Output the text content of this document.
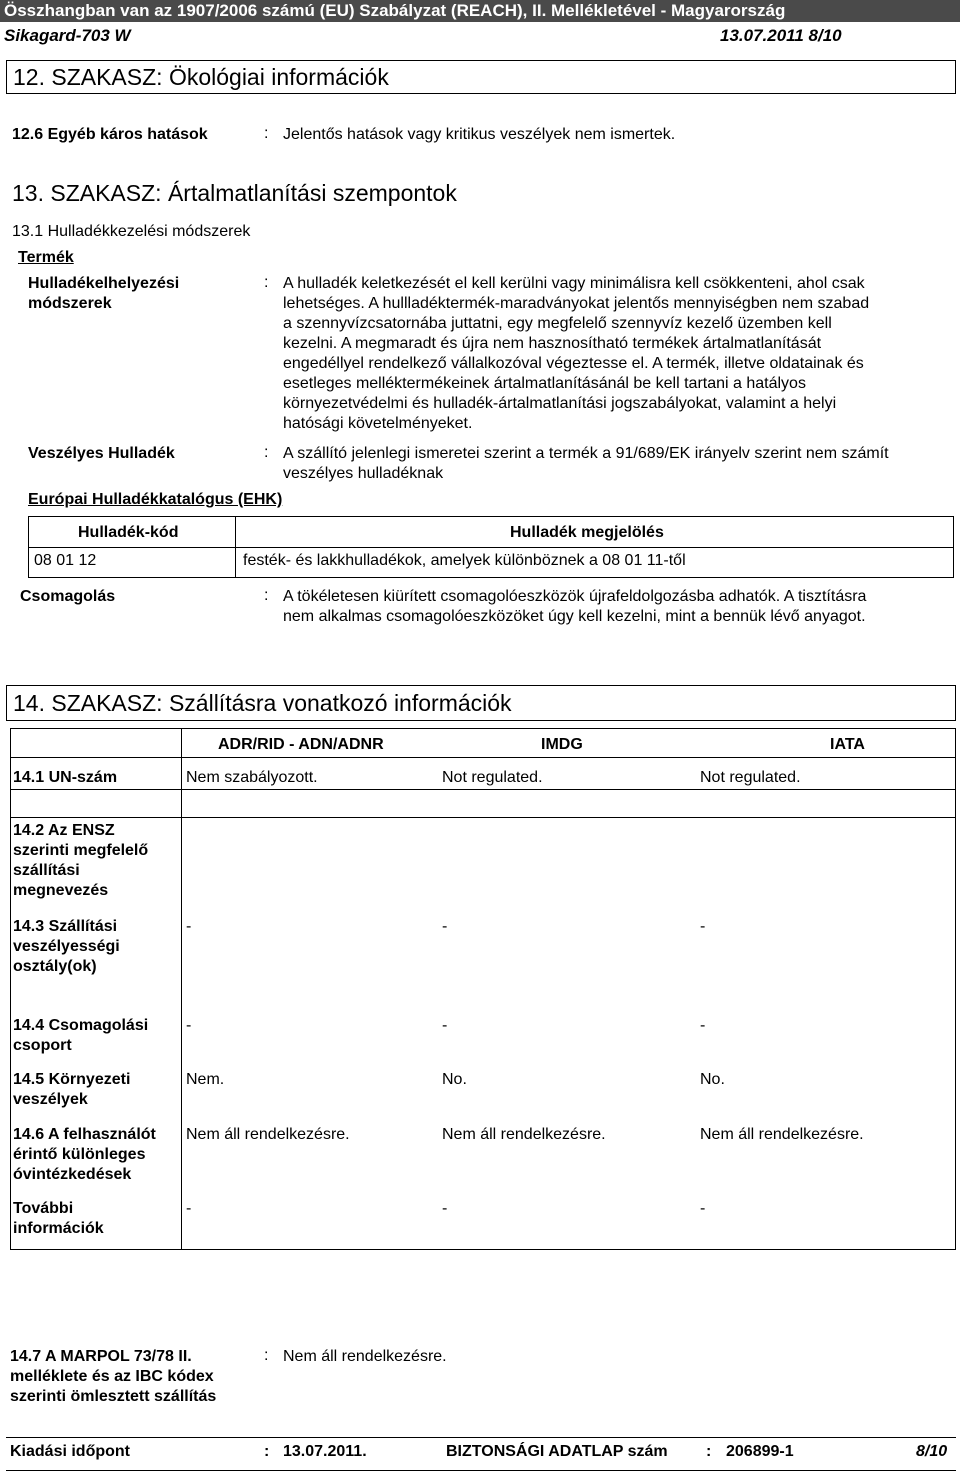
Összhangban van az 1907/2006 számú (EU) Szabályzat (REACH), II. Mellékletével - Magyarország
Sikagard-703 W	13.07.2011 8/10
12. SZAKASZ: Ökológiai információk
12.6 Egyéb káros hatások	: Jelentős hatások vagy kritikus veszélyek nem ismertek.
13. SZAKASZ: Ártalmatlanítási szempontok
13.1 Hulladékkezelési módszerek
Termék
Hulladékelhelyezési
módszerek
: A hulladék keletkezését el kell kerülni vagy minimálisra kell csökkenteni, ahol csak
lehetséges. A hullladéktermék-maradványokat jelentős mennyiségben nem szabad
a szennyvízcsatornába juttatni, egy megfelelő szennyvíz kezelő üzemben kell
kezelni. A megmaradt és újra nem hasznosítható termékek ártalmatlanítását
engedéllyel rendelkező vállalkozóval végeztesse el. A termék, illetve oldatainak és
esetleges melléktermékeinek ártalmatlanításánál be kell tartani a hatályos
környezetvédelmi és hulladék-ártalmatlanítási jogszabályokat, valamint a helyi
hatósági követelményeket.
Veszélyes Hulladék	: A szállító jelenlegi ismeretei szerint a termék a 91/689/EK irányelv szerint nem számít
veszélyes hulladéknak
Európai Hulladékkatalógus (EHK)
Hulladék-kód	Hulladék megjelölés
08 01 12	festék- és lakkhulladékok, amelyek különböznek a 08 01 11-től
Csomagolás	: A tökéletesen kiürített csomagolóeszközök újrafeldolgozásba adhatók. A tisztításra
nem alkalmas csomagolóeszközöket úgy kell kezelni, mint a bennük lévő anyagot.
14. SZAKASZ: Szállításra vonatkozó információk
ADR/RID - ADN/ADNR	IMDG	IATA
14.1 UN-szám	Nem szabályozott.	Not regulated.	Not regulated.
14.2 Az ENSZ
szerinti megfelelő
szállítási
megnevezés
14.3 Szállítási
veszélyességi
osztály(ok)
-	-	-
14.4 Csomagolási
csoport
-	-	-
14.5 Környezeti
veszélyek
Nem.	No.	No.
14.6 A felhasználót
érintő különleges
óvintézkedések
Nem áll rendelkezésre.	Nem áll rendelkezésre.	Nem áll rendelkezésre.
További
információk
-	-	-
14.7 A MARPOL 73/78 II.
melléklete és az IBC kódex
szerinti ömlesztett szállítás
: Nem áll rendelkezésre.
Kiadási időpont	: 13.07.2011.	BIZTONSÁGI ADATLAP szám : 206899-1	8/10
